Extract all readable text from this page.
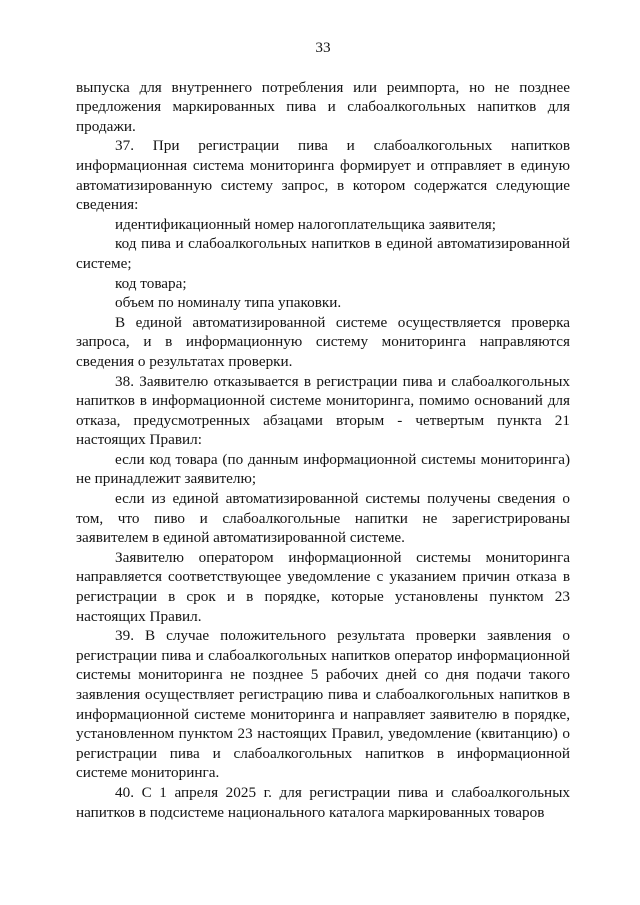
33

выпуска для внутреннего потребления или реимпорта, но не позднее предложения маркированных пива и слабоалкогольных напитков для продажи.

37. При регистрации пива и слабоалкогольных напитков информационная система мониторинга формирует и отправляет в единую автоматизированную систему запрос, в котором содержатся следующие сведения:

идентификационный номер налогоплательщика заявителя;

код пива и слабоалкогольных напитков в единой автоматизированной системе;

код товара;

объем по номиналу типа упаковки.

В единой автоматизированной системе осуществляется проверка запроса, и в информационную систему мониторинга направляются сведения о результатах проверки.

38. Заявителю отказывается в регистрации пива и слабоалкогольных напитков в информационной системе мониторинга, помимо оснований для отказа, предусмотренных абзацами вторым - четвертым пункта 21 настоящих Правил:

если код товара (по данным информационной системы мониторинга) не принадлежит заявителю;

если из единой автоматизированной системы получены сведения о том, что пиво и слабоалкогольные напитки не зарегистрированы заявителем в единой автоматизированной системе.

Заявителю оператором информационной системы мониторинга направляется соответствующее уведомление с указанием причин отказа в регистрации в срок и в порядке, которые установлены пунктом 23 настоящих Правил.

39. В случае положительного результата проверки заявления о регистрации пива и слабоалкогольных напитков оператор информационной системы мониторинга не позднее 5 рабочих дней со дня подачи такого заявления осуществляет регистрацию пива и слабоалкогольных напитков в информационной системе мониторинга и направляет заявителю в порядке, установленном пунктом 23 настоящих Правил, уведомление (квитанцию) о регистрации пива и слабоалкогольных напитков в информационной системе мониторинга.

40. С 1 апреля 2025 г. для регистрации пива и слабоалкогольных напитков в подсистеме национального каталога маркированных товаров
